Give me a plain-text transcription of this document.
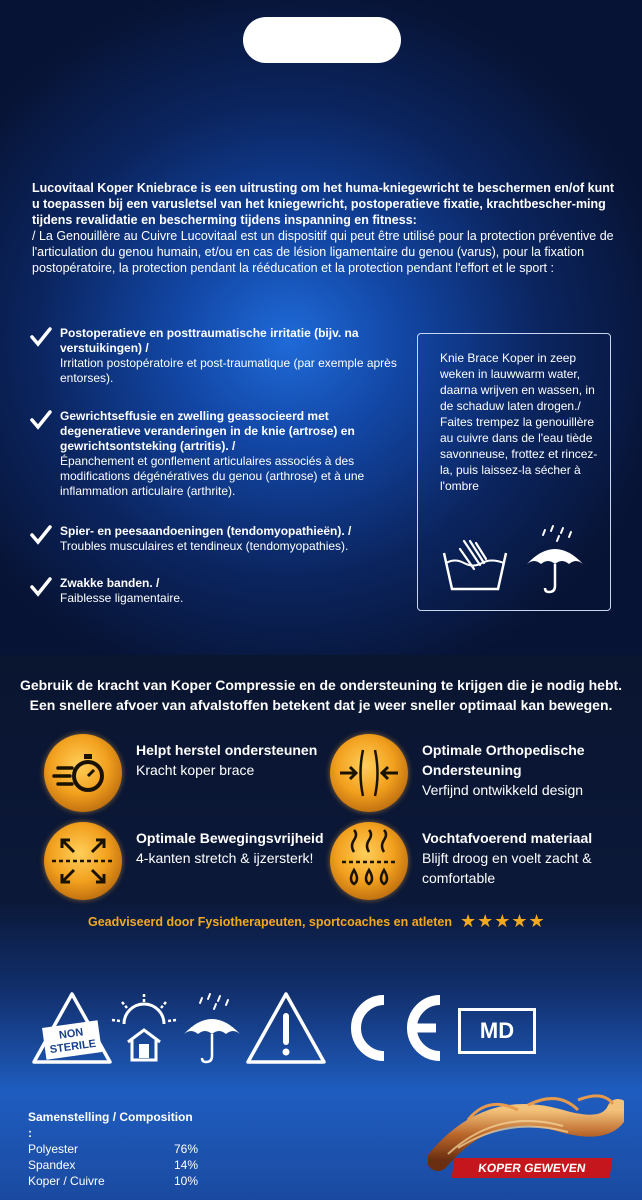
Lucovitaal Koper Kniebrace is een uitrusting om het huma-kniegewricht te beschermen en/of kunt u toepassen bij een varusletsel van het kniegewricht, postoperatieve fixatie, krachtbescher-ming tijdens revalidatie en bescherming tijdens inspanning en fitness:
/ La Genouillère au Cuivre Lucovitaal est un dispositif qui peut être utilisé pour la protection préventive de l'articulation du genou humain, et/ou en cas de lésion ligamentaire du genou (varus), pour la fixation postopératoire, la protection pendant la rééducation et la protection pendant l'effort et le sport :
Postoperatieve en posttraumatische irritatie (bijv. na verstuikingen) /
Irritation postopératoire et post-traumatique (par exemple après entorses).
Gewrichtseffusie en zwelling geassocieerd met degeneratieve veranderingen in de knie (artrose) en gewrichtsontsteking (artritis). /
Épanchement et gonflement articulaires associés à des modifications dégénératives du genou (arthrose) et à une inflammation articulaire (arthrite).
Spier- en peesaandoeningen (tendomyopathieën). /
Troubles musculaires et tendineux (tendomyopathies).
Zwakke banden. /
Faiblesse ligamentaire.
Knie Brace Koper in zeep weken in lauwwarm water, daarna wrijven en wassen, in de schaduw laten drogen./ Faites trempez la genouillère au cuivre dans de l'eau tiède savonneuse, frottez et rincez-la, puis laissez-la sécher à l'ombre
Gebruik de kracht van Koper Compressie en de ondersteuning te krijgen die je nodig hebt.
Een snellere afvoer van afvalstoffen betekent dat je weer sneller optimaal kan bewegen.
Helpt herstel ondersteunen
Kracht koper brace
Optimale Orthopedische Ondersteuning
Verfijnd ontwikkeld design
Optimale Bewegingsvrijheid
4-kanten stretch & ijzersterk!
Vochtafvoerend materiaal
Blijft droog en voelt zacht & comfortable
Geadviseerd door Fysiotherapeuten, sportcoaches en atleten ★★★★★
NON
STERILE
MD
Samenstelling / Composition :
Polyester	76%
Spandex	14%
Koper / Cuivre	10%
KOPER GEWEVEN
